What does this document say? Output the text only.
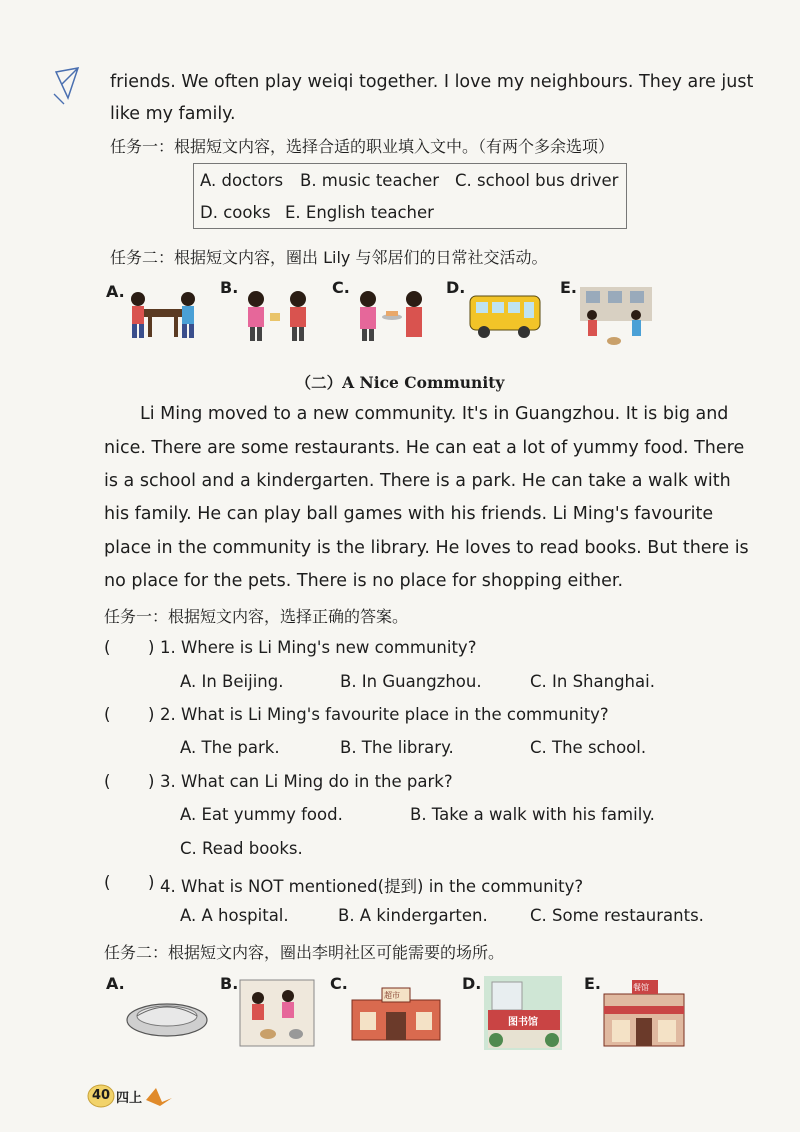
friends. We often play weiqi together. I love my neighbours. They are just
like my family.
任务一：根据短文内容，选择合适的职业填入文中。（有两个多余选项）
A. doctors B. music teacher C. school bus driver
D. cooks E. English teacher
任务二：根据短文内容，圈出 Lily 与邻居们的日常社交活动。
A.	B.	C.	D.	E.
（二）A Nice Community
Li Ming moved to a new community. It's in Guangzhou. It is big and
nice. There are some restaurants. He can eat a lot of yummy food. There
is a school and a kindergarten. There is a park. He can take a walk with
his family. He can play ball games with his friends. Li Ming's favourite
place in the community is the library. He loves to read books. But there is
no place for the pets. There is no place for shopping either.
任务一：根据短文内容，选择正确的答案。
( ) 1. Where is Li Ming's new community?
A. In Beijing.	B. In Guangzhou.	C. In Shanghai.
( ) 2. What is Li Ming's favourite place in the community?
A. The park.	B. The library.	C. The school.
( ) 3. What can Li Ming do in the park?
A. Eat yummy food.	B. Take a walk with his family.
C. Read books.
( ) 4. What is NOT mentioned(提到) in the community?
A. A hospital.	B. A kindergarten.	C. Some restaurants.
任务二：根据短文内容，圈出李明社区可能需要的场所。
A.	B.	C.
超市
D.
图书馆
E.	餐馆
40 四上
